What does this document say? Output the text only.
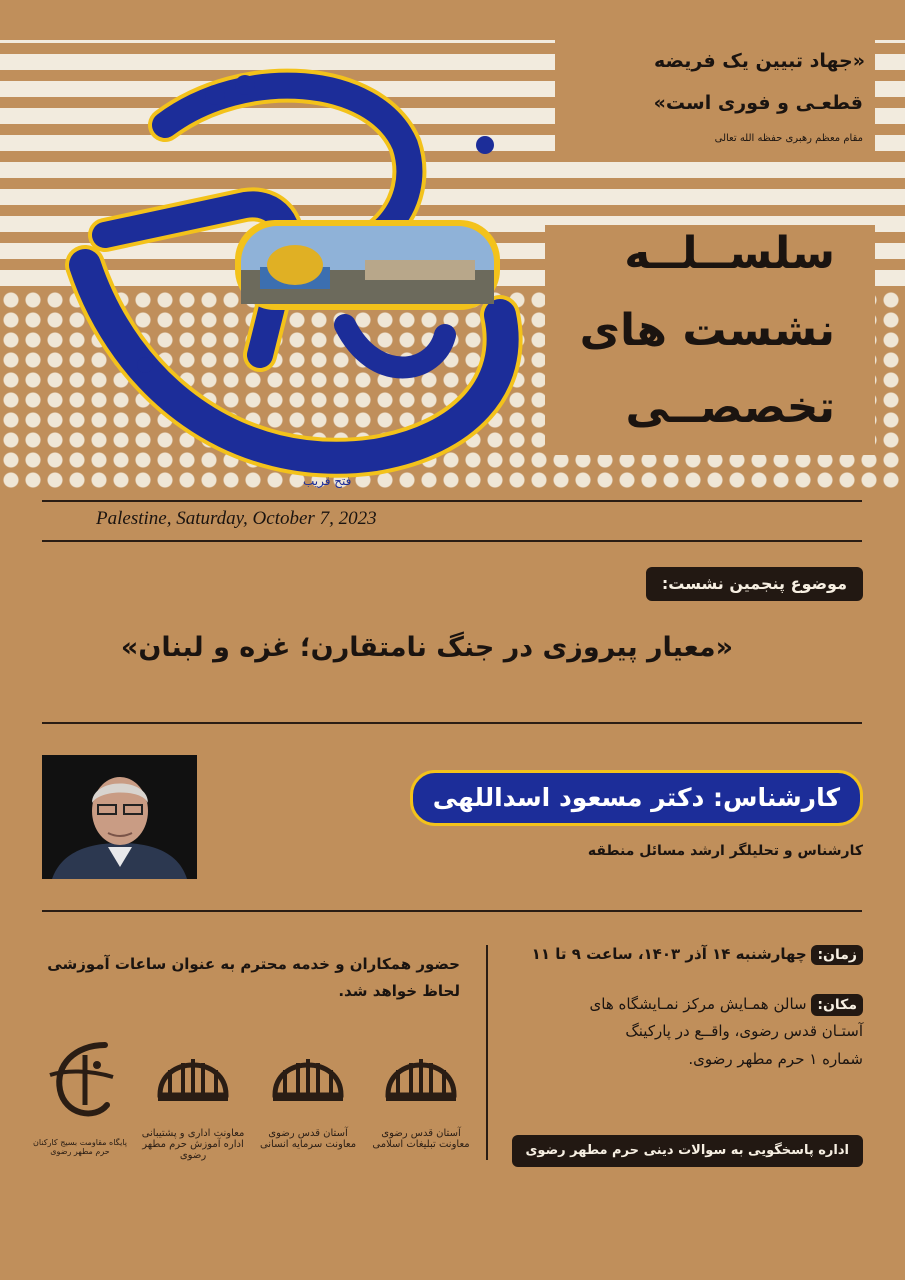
«جهاد تبیین یک فریضه
قطعـی و فوری است»
مقام معظم رهبری حفظه الله تعالی
سلســلــه
نشست های
تخصصــی
فتح قریب
Palestine, Saturday, October 7, 2023
موضوع پنجمین نشست:
«معیار پیروزی در جنگ نامتقارن؛ غزه و لبنان»
کارشناس: دکتر مسعود اسداللهی
کارشناس و تحلیلگر ارشد مسائل منطقه
حضور همکاران و خدمه محترم به عنوان ساعات آموزشی
لحاظ خواهد شد.
زمان: چهارشنبه ۱۴ آذر ۱۴۰۳، ساعت ۹ تا ۱۱
مکان: سالن همـایش مرکز نمـایشگاه های
آستـان قدس رضوی، واقــع در پارکینگ
شماره ۱ حرم مطهر رضوی.
اداره پاسخگویی به سوالات دینی حرم مطهر رضوی
پایگاه مقاومت بسیج کارکنان حرم مطهر رضوی
معاونت اداری و پشتیبانی اداره آموزش حرم مطهر رضوی
آستان قدس رضوی معاونت سرمایه انسانی
آستان قدس رضوی معاونت تبلیغات اسلامی
